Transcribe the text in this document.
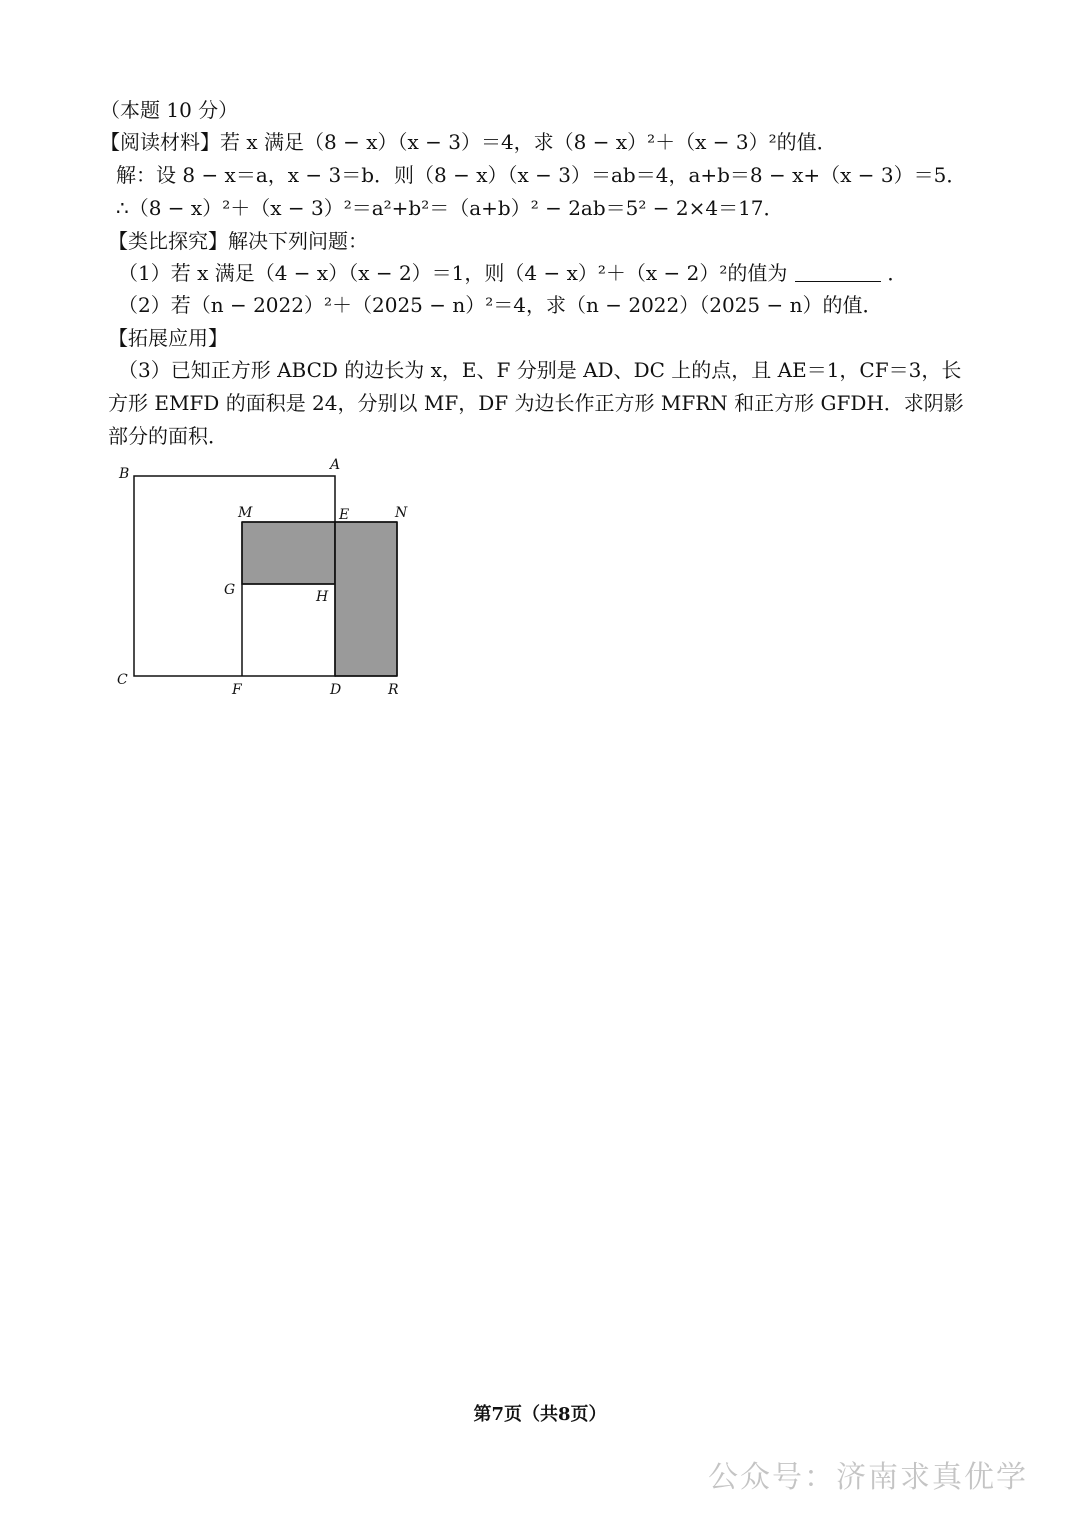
（本题 10 分）
【阅读材料】若 x 满足（8 − x）（x − 3）＝4，求（8 − x）²＋（x − 3）²的值．
解：设 8 − x＝a，x − 3＝b．则（8 − x）（x − 3）＝ab＝4，a+b＝8 − x+（x − 3）＝5．
∴（8 − x）²＋（x − 3）²＝a²+b²＝（a+b）² − 2ab＝5² − 2×4＝17．
【类比探究】解决下列问题：
（1）若 x 满足（4 − x）（x − 2）＝1，则（4 − x）²＋（x − 2）²的值为	．
（2）若（n − 2022）²＋（2025 − n）²＝4，求（n − 2022）（2025 − n）的值．
【拓展应用】
（3）已知正方形 ABCD 的边长为 x，E、F 分别是 AD、DC 上的点，且 AE＝1，CF＝3，长
方形 EMFD 的面积是 24，分别以 MF，DF 为边长作正方形 MFRN 和正方形 GFDH．求阴影
部分的面积．
B
A
M	E	N
G	H
C
F	D	R
第7页（共8页）
公众号：济南求真优学
